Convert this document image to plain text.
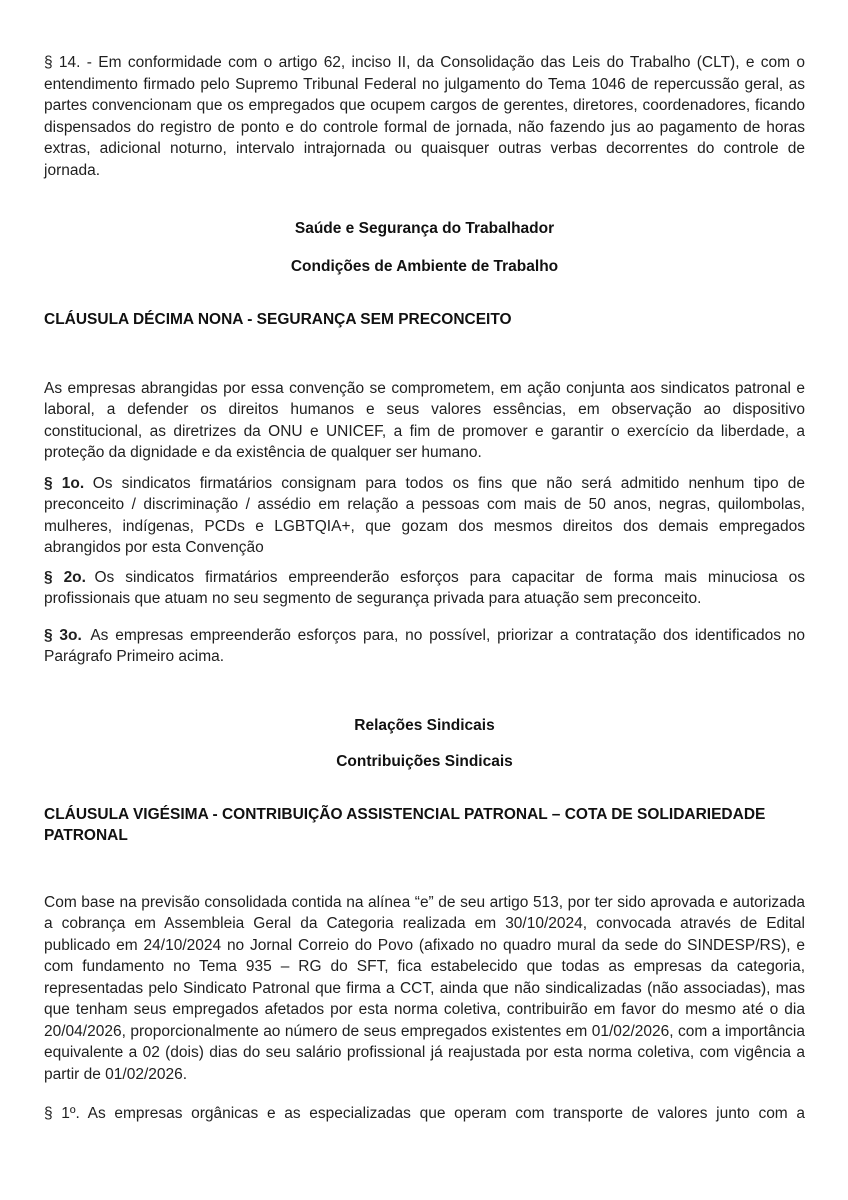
§ 14. - Em conformidade com o artigo 62, inciso II, da Consolidação das Leis do Trabalho (CLT), e com o entendimento firmado pelo Supremo Tribunal Federal no julgamento do Tema 1046 de repercussão geral, as partes convencionam que os empregados que ocupem cargos de gerentes, diretores, coordenadores, ficando dispensados do registro de ponto e do controle formal de jornada, não fazendo jus ao pagamento de horas extras, adicional noturno, intervalo intrajornada ou quaisquer outras verbas decorrentes do controle de jornada.

Saúde e Segurança do Trabalhador

Condições de Ambiente de Trabalho

CLÁUSULA DÉCIMA NONA - SEGURANÇA SEM PRECONCEITO

As empresas abrangidas por essa convenção se comprometem, em ação conjunta aos sindicatos patronal e laboral, a defender os direitos humanos e seus valores essências, em observação ao dispositivo constitucional, as diretrizes da ONU e UNICEF, a fim de promover e garantir o exercício da liberdade, a proteção da dignidade e da existência de qualquer ser humano.

§ 1o. Os sindicatos firmatários consignam para todos os fins que não será admitido nenhum tipo de preconceito / discriminação / assédio em relação a pessoas com mais de 50 anos, negras, quilombolas, mulheres, indígenas, PCDs e LGBTQIA+, que gozam dos mesmos direitos dos demais empregados abrangidos por esta Convenção

§ 2o. Os sindicatos firmatários empreenderão esforços para capacitar de forma mais minuciosa os profissionais que atuam no seu segmento de segurança privada para atuação sem preconceito.

§ 3o. As empresas empreenderão esforços para, no possível, priorizar a contratação dos identificados no Parágrafo Primeiro acima.

Relações Sindicais

Contribuições Sindicais

CLÁUSULA VIGÉSIMA - CONTRIBUIÇÃO ASSISTENCIAL PATRONAL – COTA DE SOLIDARIEDADE PATRONAL

Com base na previsão consolidada contida na alínea “e” de seu artigo 513, por ter sido aprovada e autorizada a cobrança em Assembleia Geral da Categoria realizada em 30/10/2024, convocada através de Edital publicado em 24/10/2024 no Jornal Correio do Povo (afixado no quadro mural da sede do SINDESP/RS), e com fundamento no Tema 935 – RG do SFT, fica estabelecido que todas as empresas da categoria, representadas pelo Sindicato Patronal que firma a CCT, ainda que não sindicalizadas (não associadas), mas que tenham seus empregados afetados por esta norma coletiva, contribuirão em favor do mesmo até o dia 20/04/2026, proporcionalmente ao número de seus empregados existentes em 01/02/2026, com a importância equivalente a 02 (dois) dias do seu salário profissional já reajustada por esta norma coletiva, com vigência a partir de 01/02/2026.

§ 1º. As empresas orgânicas e as especializadas que operam com transporte de valores junto com a
